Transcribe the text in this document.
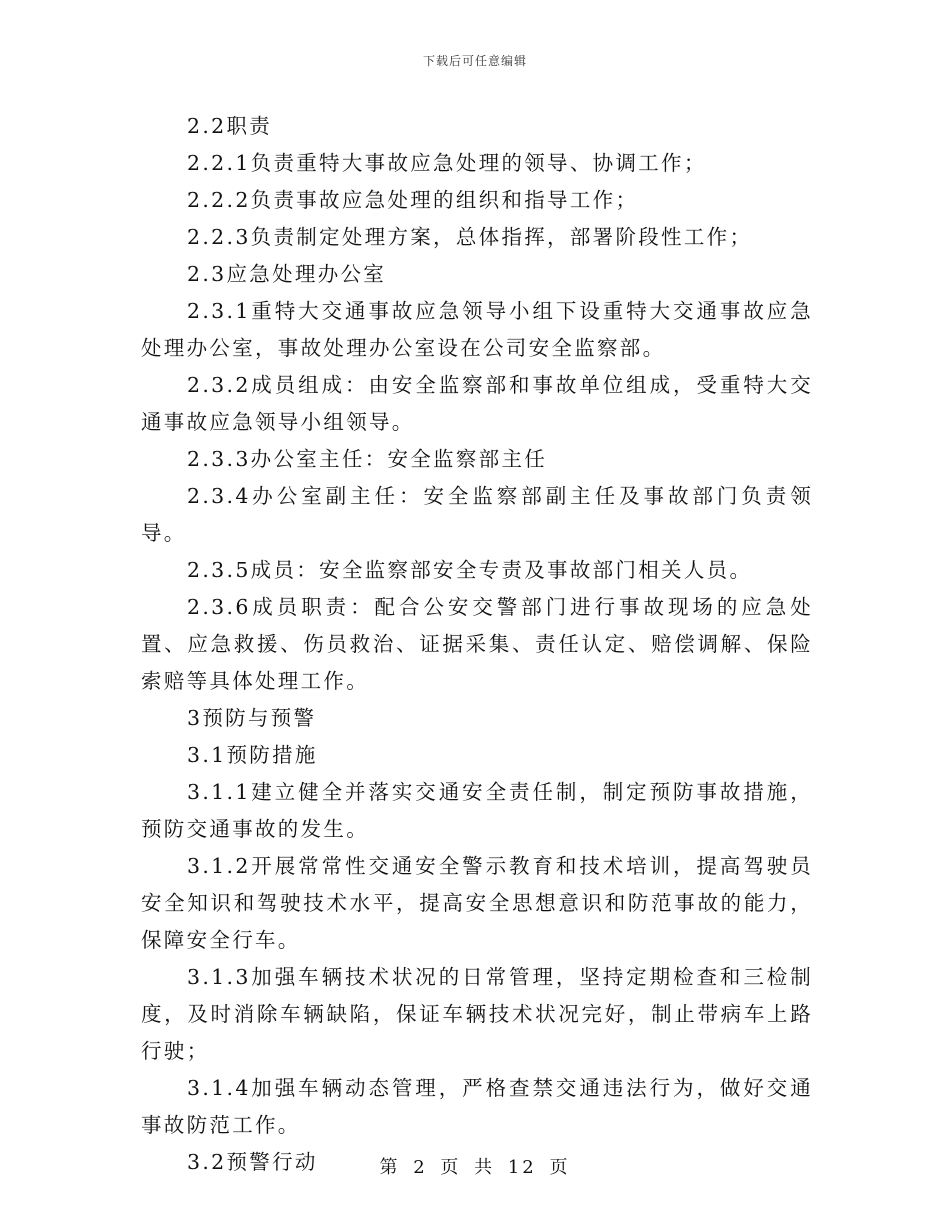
下载后可任意编辑

2.2职责

2.2.1负责重特大事故应急处理的领导、协调工作；

2.2.2负责事故应急处理的组织和指导工作；

2.2.3负责制定处理方案，总体指挥，部署阶段性工作；

2.3应急处理办公室

2.3.1重特大交通事故应急领导小组下设重特大交通事故应急处理办公室，事故处理办公室设在公司安全监察部。

2.3.2成员组成：由安全监察部和事故单位组成，受重特大交通事故应急领导小组领导。

2.3.3办公室主任：安全监察部主任

2.3.4办公室副主任：安全监察部副主任及事故部门负责领导。

2.3.5成员：安全监察部安全专责及事故部门相关人员。

2.3.6成员职责：配合公安交警部门进行事故现场的应急处置、应急救援、伤员救治、证据采集、责任认定、赔偿调解、保险索赔等具体处理工作。

3预防与预警

3.1预防措施

3.1.1建立健全并落实交通安全责任制，制定预防事故措施，预防交通事故的发生。

3.1.2开展常常性交通安全警示教育和技术培训，提高驾驶员安全知识和驾驶技术水平，提高安全思想意识和防范事故的能力，保障安全行车。

3.1.3加强车辆技术状况的日常管理，坚持定期检查和三检制度，及时消除车辆缺陷，保证车辆技术状况完好，制止带病车上路行驶；

3.1.4加强车辆动态管理，严格查禁交通违法行为，做好交通事故防范工作。

3.2预警行动	第 2 页 共 12 页
